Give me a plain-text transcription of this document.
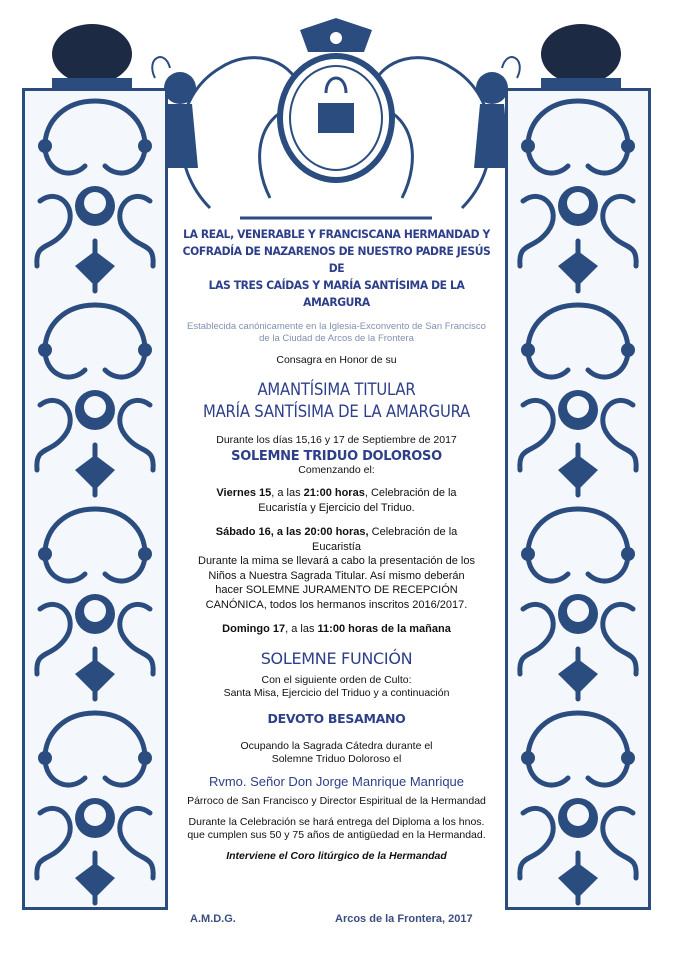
LA REAL, VENERABLE Y FRANCISCANA HERMANDAD Y
COFRADÍA DE NAZARENOS DE NUESTRO PADRE JESÚS DE
LAS TRES CAÍDAS Y MARÍA SANTÍSIMA DE LA AMARGURA
Establecida canónicamente en la Iglesia-Exconvento de San Francisco
de la Ciudad de Arcos de la Frontera
Consagra en Honor de su
AMANTÍSIMA TITULAR
MARÍA SANTÍSIMA DE LA AMARGURA
Durante los días 15,16 y 17 de Septiembre de 2017
SOLEMNE TRIDUO DOLOROSO
Comenzando el:
Viernes 15, a las 21:00 horas, Celebración de la
Eucaristía y Ejercicio del Triduo.
Sábado 16, a las 20:00 horas, Celebración de la
Eucaristía
Durante la mima se llevará a cabo la presentación de los
Niños a Nuestra Sagrada Titular. Así mismo deberán
hacer SOLEMNE JURAMENTO DE RECEPCIÓN
CANÓNICA, todos los hermanos inscritos 2016/2017.
Domingo 17, a las 11:00 horas de la mañana
SOLEMNE FUNCIÓN
Con el siguiente orden de Culto:
Santa Misa, Ejercicio del Triduo y a continuación
DEVOTO BESAMANO
Ocupando la Sagrada Cátedra durante el
Solemne Triduo Doloroso el
Rvmo. Señor Don Jorge Manrique Manrique
Párroco de San Francisco y Director Espiritual de la Hermandad
Durante la Celebración se hará entrega del Diploma a los hnos.
que cumplen sus 50 y 75 años de antigüedad en la Hermandad.
Interviene el Coro litúrgico de la Hermandad
A.M.D.G.	Arcos de la Frontera, 2017
